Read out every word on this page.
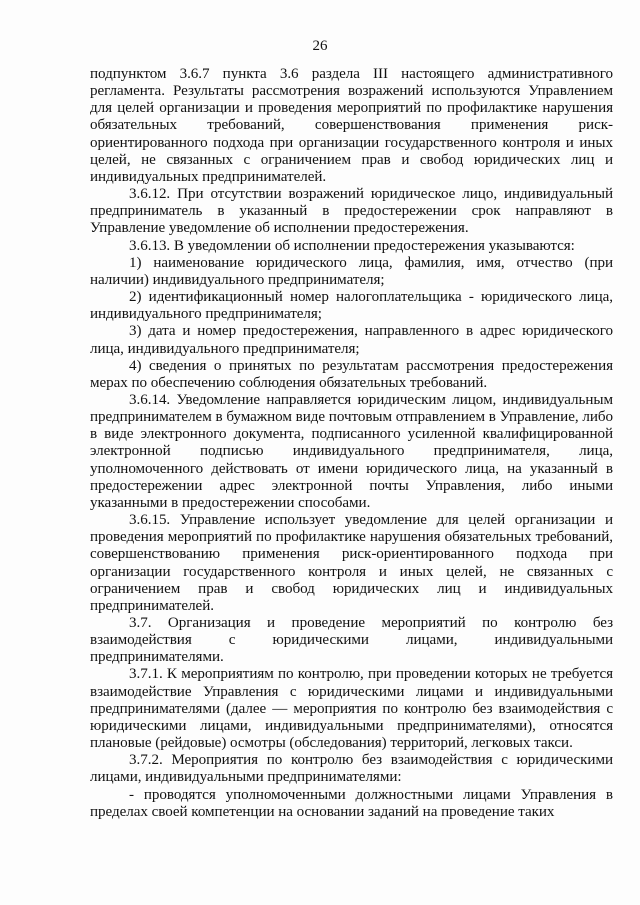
26

подпунктом 3.6.7 пункта 3.6 раздела III настоящего административного регламента. Результаты рассмотрения возражений используются Управлением для целей организации и проведения мероприятий по профилактике нарушения обязательных требований, совершенствования применения риск-ориентированного подхода при организации государственного контроля и иных целей, не связанных с ограничением прав и свобод юридических лиц и индивидуальных предпринимателей.

3.6.12. При отсутствии возражений юридическое лицо, индивидуальный предприниматель в указанный в предостережении срок направляют в Управление уведомление об исполнении предостережения.

3.6.13. В уведомлении об исполнении предостережения указываются:

1) наименование юридического лица, фамилия, имя, отчество (при наличии) индивидуального предпринимателя;

2) идентификационный номер налогоплательщика - юридического лица, индивидуального предпринимателя;

3) дата и номер предостережения, направленного в адрес юридического лица, индивидуального предпринимателя;

4) сведения о принятых по результатам рассмотрения предостережения мерах по обеспечению соблюдения обязательных требований.

3.6.14. Уведомление направляется юридическим лицом, индивидуальным предпринимателем в бумажном виде почтовым отправлением в Управление, либо в виде электронного документа, подписанного усиленной квалифицированной электронной подписью индивидуального предпринимателя, лица, уполномоченного действовать от имени юридического лица, на указанный в предостережении адрес электронной почты Управления, либо иными указанными в предостережении способами.

3.6.15. Управление использует уведомление для целей организации и проведения мероприятий по профилактике нарушения обязательных требований, совершенствованию применения риск-ориентированного подхода при организации государственного контроля и иных целей, не связанных с ограничением прав и свобод юридических лиц и индивидуальных предпринимателей.

3.7. Организация и проведение мероприятий по контролю без взаимодействия с юридическими лицами, индивидуальными предпринимателями.

3.7.1. К мероприятиям по контролю, при проведении которых не требуется взаимодействие Управления с юридическими лицами и индивидуальными предпринимателями (далее — мероприятия по контролю без взаимодействия с юридическими лицами, индивидуальными предпринимателями), относятся плановые (рейдовые) осмотры (обследования) территорий, легковых такси.

3.7.2. Мероприятия по контролю без взаимодействия с юридическими лицами, индивидуальными предпринимателями:

- проводятся уполномоченными должностными лицами Управления в пределах своей компетенции на основании заданий на проведение таких
